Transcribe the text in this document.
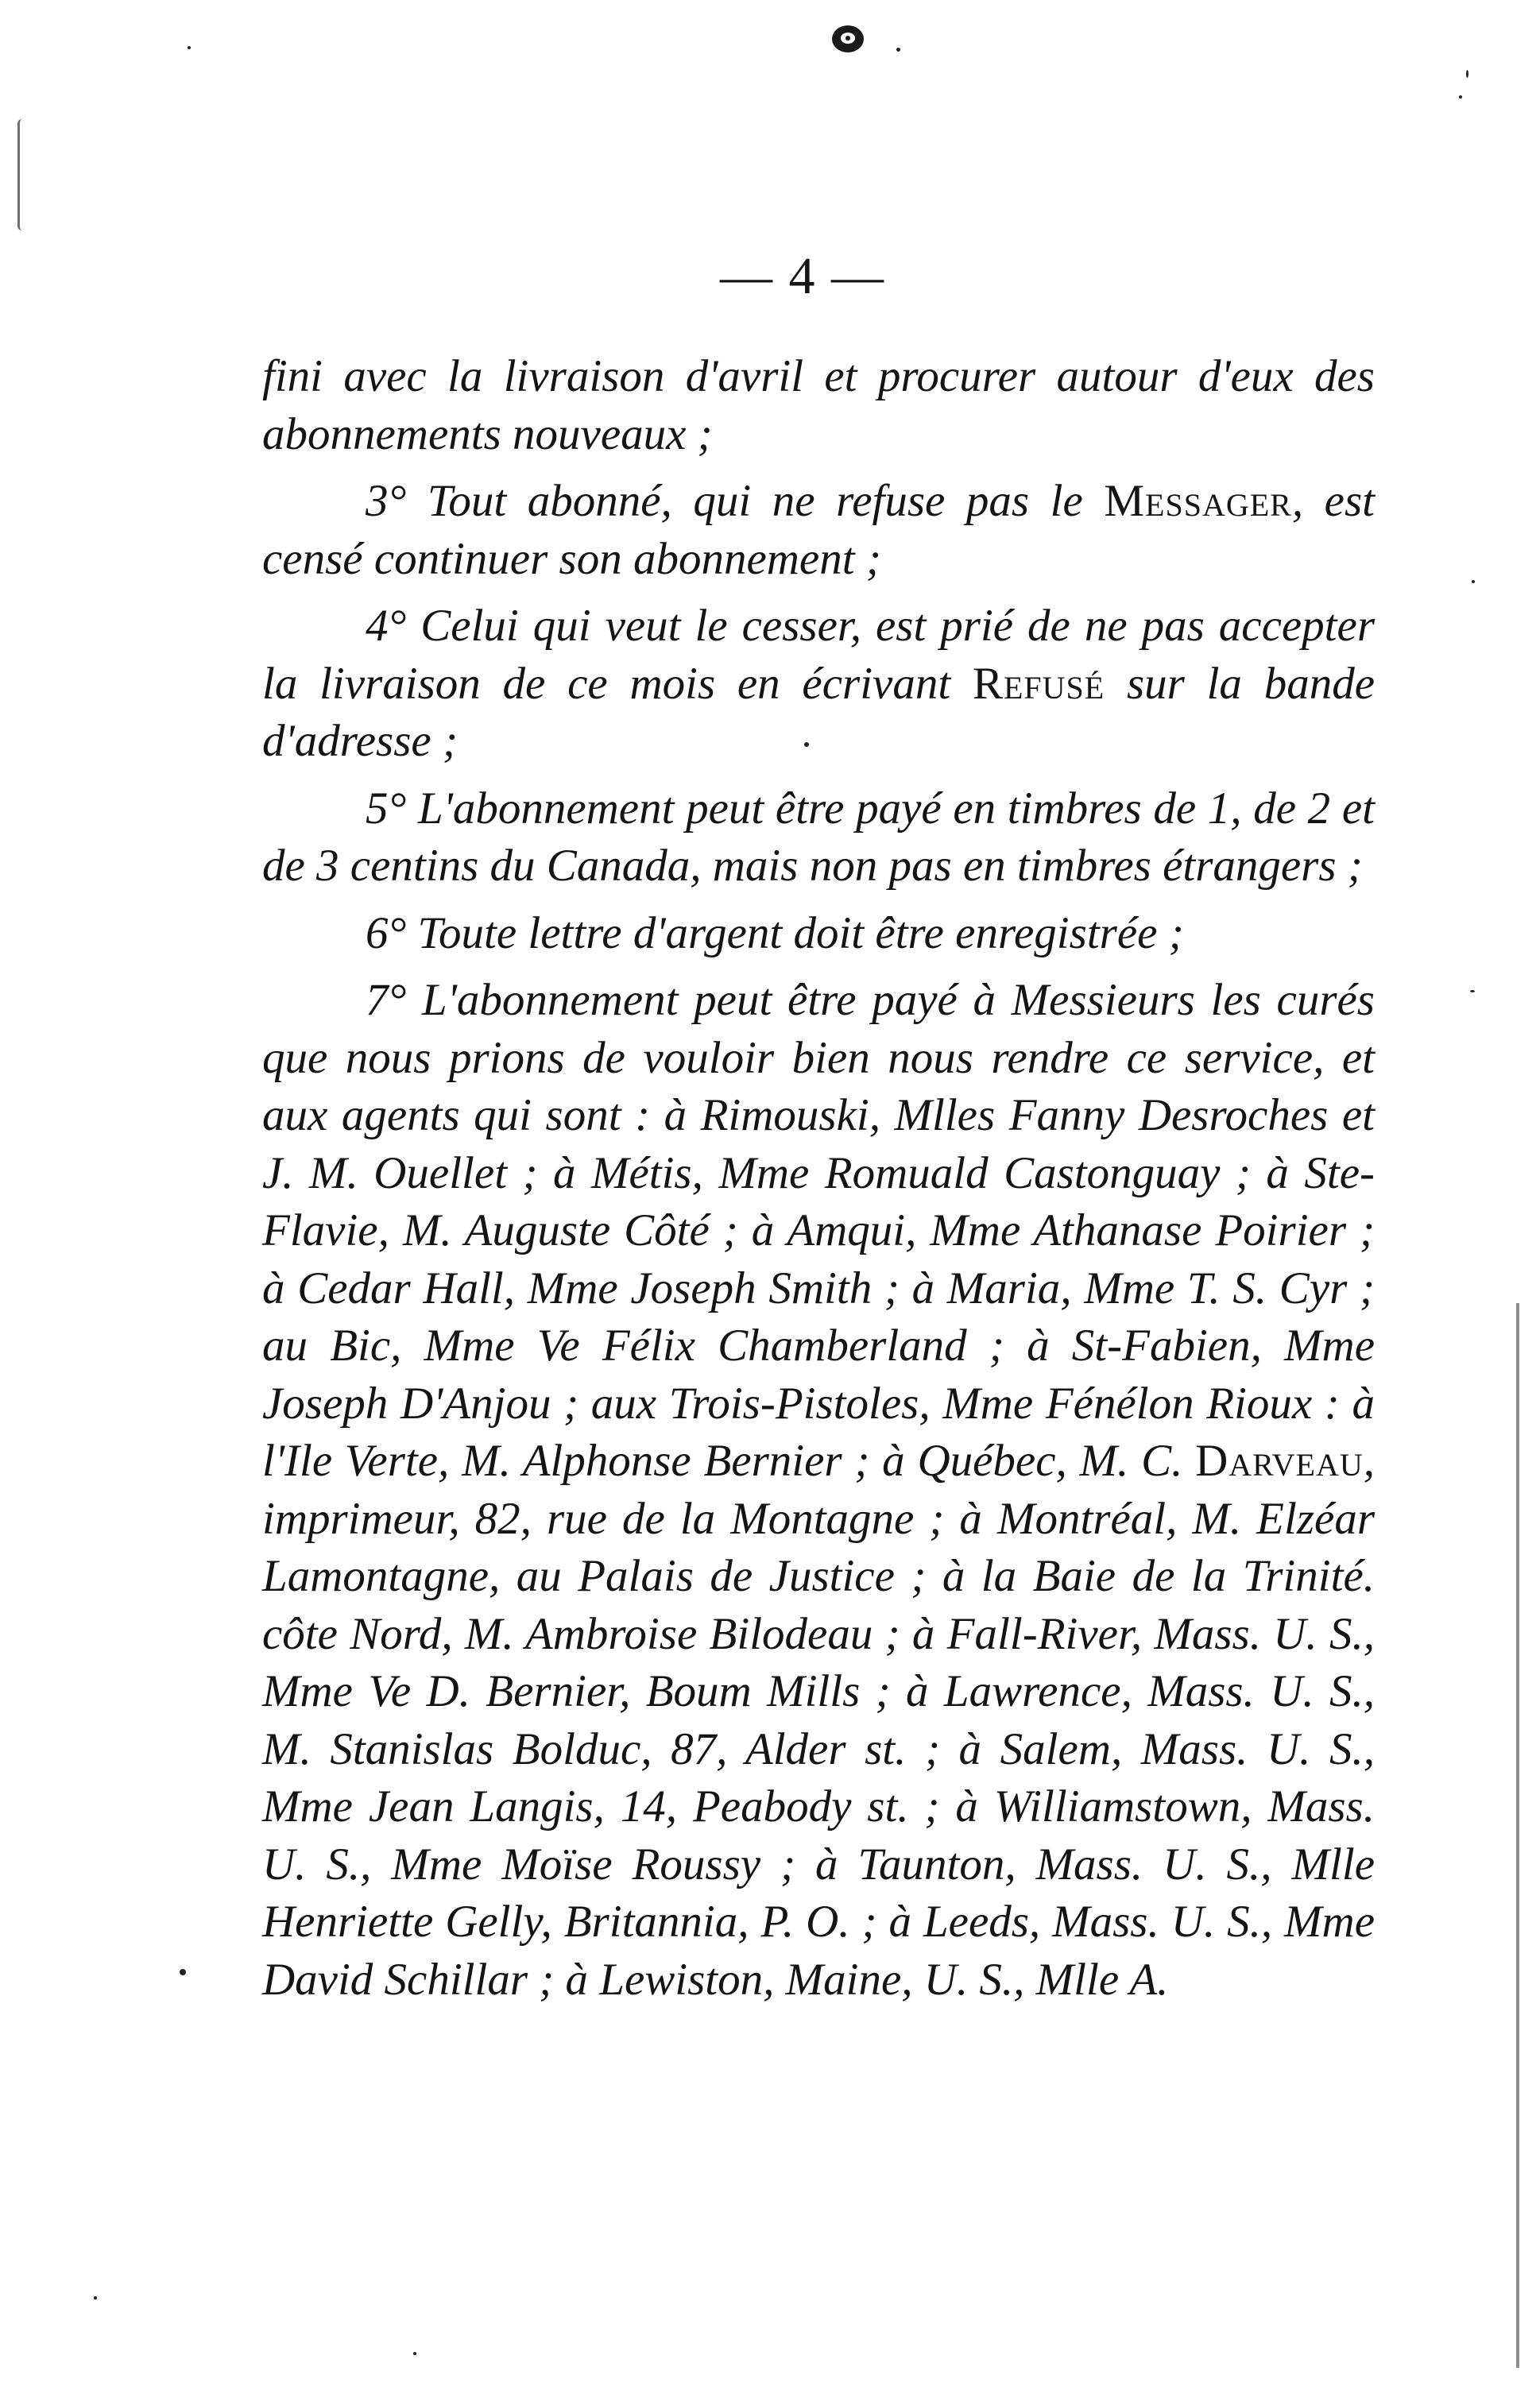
— 4 —

fini avec la livraison d'avril et procurer autour d'eux des abonnements nouveaux ;

3° Tout abonné, qui ne refuse pas le Messager, est censé continuer son abonnement ;

4° Celui qui veut le cesser, est prié de ne pas accepter la livraison de ce mois en écrivant Refusé sur la bande d'adresse ;

5° L'abonnement peut être payé en timbres de 1, de 2 et de 3 centins du Canada, mais non pas en timbres étrangers ;

6° Toute lettre d'argent doit être enregistrée ;

7° L'abonnement peut être payé à Messieurs les curés que nous prions de vouloir bien nous rendre ce service, et aux agents qui sont : à Rimouski, Mlles Fanny Desroches et J. M. Ouellet ; à Métis, Mme Romuald Castonguay ; à Ste-Flavie, M. Auguste Côté ; à Amqui, Mme Athanase Poirier ; à Cedar Hall, Mme Joseph Smith ; à Maria, Mme T. S. Cyr ; au Bic, Mme Ve Félix Chamberland ; à St-Fabien, Mme Joseph D'Anjou ; aux Trois-Pistoles, Mme Fénélon Rioux : à l'Ile Verte, M. Alphonse Bernier ; à Québec, M. C. Darveau, imprimeur, 82, rue de la Montagne ; à Montréal, M. Elzéar Lamontagne, au Palais de Justice ; à la Baie de la Trinité. côte Nord, M. Ambroise Bilodeau ; à Fall-River, Mass. U. S., Mme Ve D. Bernier, Boum Mills ; à Lawrence, Mass. U. S., M. Stanislas Bolduc, 87, Alder st. ; à Salem, Mass. U. S., Mme Jean Langis, 14, Peabody st. ; à Williamstown, Mass. U. S., Mme Moïse Roussy ; à Taunton, Mass. U. S., Mlle Henriette Gelly, Britannia, P. O. ; à Leeds, Mass. U. S., Mme David Schillar ; à Lewiston, Maine, U. S., Mlle A.
